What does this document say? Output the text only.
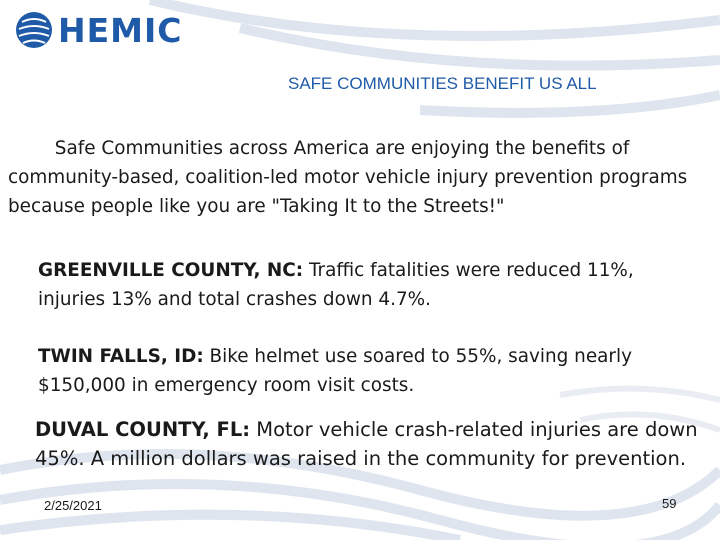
HEMIC
SAFE COMMUNITIES BENEFIT US ALL
Safe Communities across America are enjoying the benefits of community-based, coalition-led motor vehicle injury prevention programs because people like you are "Taking It to the Streets!"
GREENVILLE COUNTY, NC: Traffic fatalities were reduced 11%, injuries 13% and total crashes down 4.7%.
TWIN FALLS, ID: Bike helmet use soared to 55%, saving nearly $150,000 in emergency room visit costs.
DUVAL COUNTY, FL: Motor vehicle crash-related injuries are down 45%. A million dollars was raised in the community for prevention.
2/25/2021	59
